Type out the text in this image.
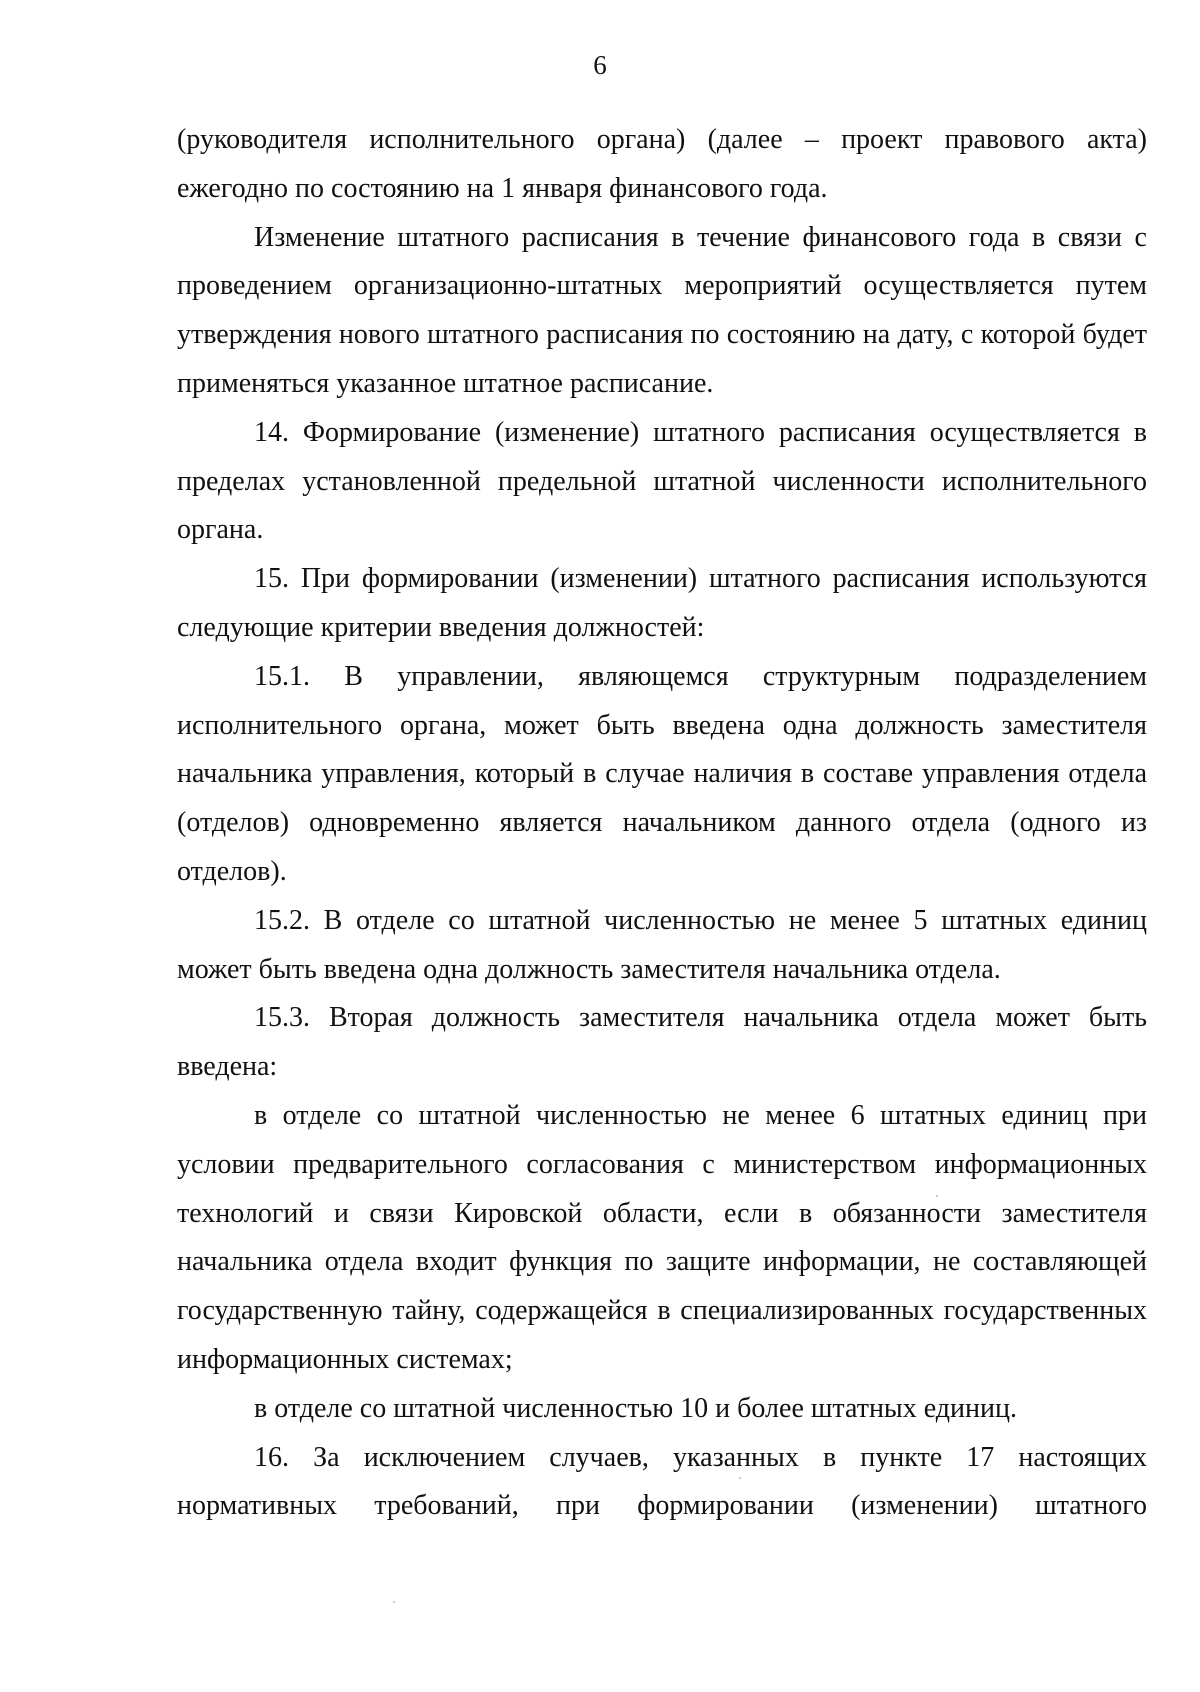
6

(руководителя исполнительного органа) (далее – проект правового акта) ежегодно по состоянию на 1 января финансового года.

Изменение штатного расписания в течение финансового года в связи с проведением организационно-штатных мероприятий осуществляется путем утверждения нового штатного расписания по состоянию на дату, с которой будет применяться указанное штатное расписание.

14. Формирование (изменение) штатного расписания осуществляется в пределах установленной предельной штатной численности исполнительного органа.

15. При формировании (изменении) штатного расписания используются следующие критерии введения должностей:

15.1. В управлении, являющемся структурным подразделением исполнительного органа, может быть введена одна должность заместителя начальника управления, который в случае наличия в составе управления отдела (отделов) одновременно является начальником данного отдела (одного из отделов).

15.2. В отделе со штатной численностью не менее 5 штатных единиц может быть введена одна должность заместителя начальника отдела.

15.3. Вторая должность заместителя начальника отдела может быть введена:

в отделе со штатной численностью не менее 6 штатных единиц при условии предварительного согласования с министерством информационных технологий и связи Кировской области, если в обязанности заместителя начальника отдела входит функция по защите информации, не составляющей государственную тайну, содержащейся в специализированных государственных информационных системах;

в отделе со штатной численностью 10 и более штатных единиц.

16. За исключением случаев, указанных в пункте 17 настоящих нормативных требований, при формировании (изменении) штатного
